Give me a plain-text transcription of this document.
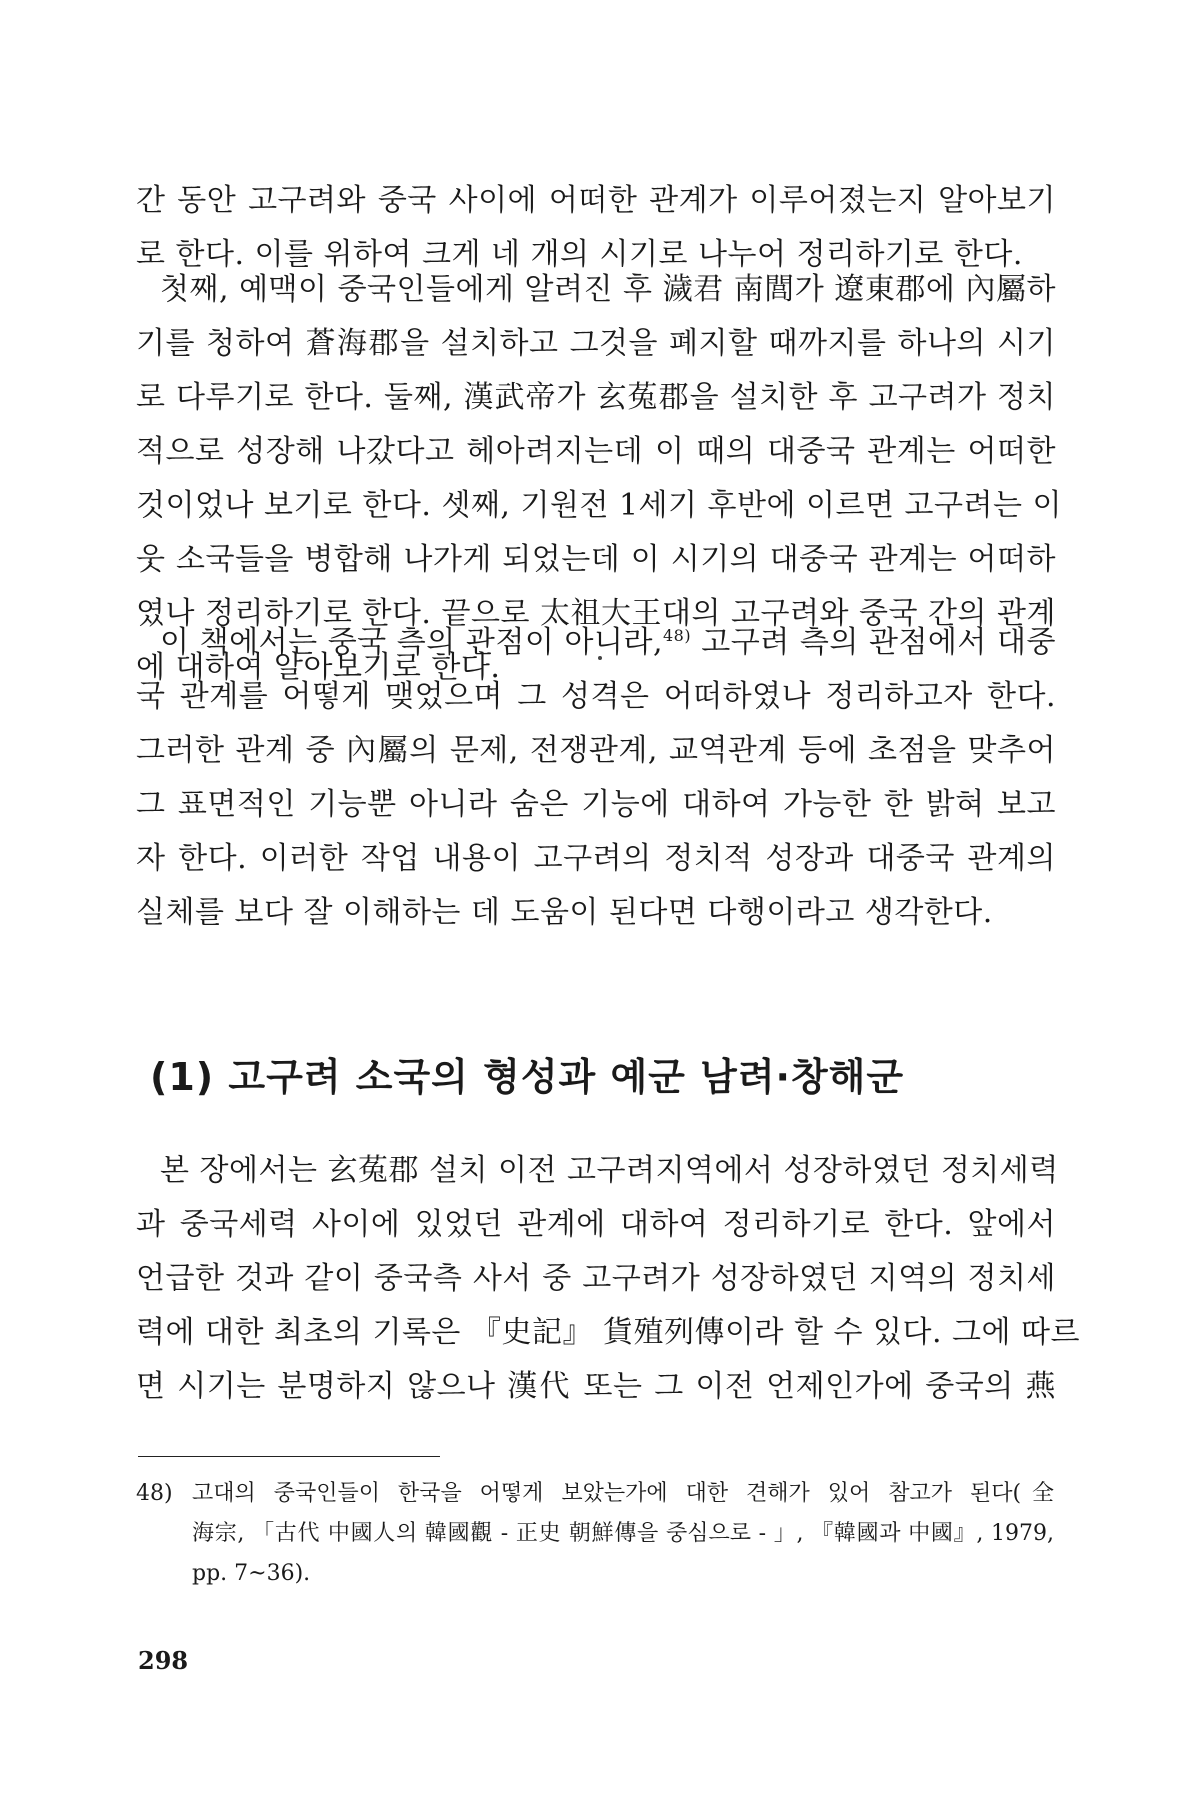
간 동안 고구려와 중국 사이에 어떠한 관계가 이루어졌는지 알아보기
로 한다. 이를 위하여 크게 네 개의 시기로 나누어 정리하기로 한다.
첫째, 예맥이 중국인들에게 알려진 후 濊君 南閭가 遼東郡에 內屬하
기를 청하여 蒼海郡을 설치하고 그것을 폐지할 때까지를 하나의 시기
로 다루기로 한다. 둘째, 漢武帝가 玄菟郡을 설치한 후 고구려가 정치
적으로 성장해 나갔다고 헤아려지는데 이 때의 대중국 관계는 어떠한
것이었나 보기로 한다. 셋째, 기원전 1세기 후반에 이르면 고구려는 이
웃 소국들을 병합해 나가게 되었는데 이 시기의 대중국 관계는 어떠하
였나 정리하기로 한다. 끝으로 太祖大王대의 고구려와 중국 간의 관계
에 대하여 알아보기로 한다.
이 책에서는 중국 측의 관점이 아니라,$^{48)}$ 고구려 측의 관점에서 대중
국 관계를 어떻게 맺었으며 그 성격은 어떠하였나 정리하고자 한다.
그러한 관계 중 內屬의 문제, 전쟁관계, 교역관계 등에 초점을 맞추어
그 표면적인 기능뿐 아니라 숨은 기능에 대하여 가능한 한 밝혀 보고
자 한다. 이러한 작업 내용이 고구려의 정치적 성장과 대중국 관계의
실체를 보다 잘 이해하는 데 도움이 된다면 다행이라고 생각한다.
(1) 고구려 소국의 형성과 예군 남려·창해군
본 장에서는 玄菟郡 설치 이전 고구려지역에서 성장하였던 정치세력
과 중국세력 사이에 있었던 관계에 대하여 정리하기로 한다. 앞에서
언급한 것과 같이 중국측 사서 중 고구려가 성장하였던 지역의 정치세
력에 대한 최초의 기록은 『史記』 貨殖列傳이라 할 수 있다. 그에 따르
면 시기는 분명하지 않으나 漢代 또는 그 이전 언제인가에 중국의 燕
48) 고대의 중국인들이 한국을 어떻게 보았는가에 대한 견해가 있어 참고가 된다(全
海宗, 「古代 中國人의 韓國觀 - 正史 朝鮮傳을 중심으로 - 」, 『韓國과 中國』, 1979,
pp. 7~36).
298
